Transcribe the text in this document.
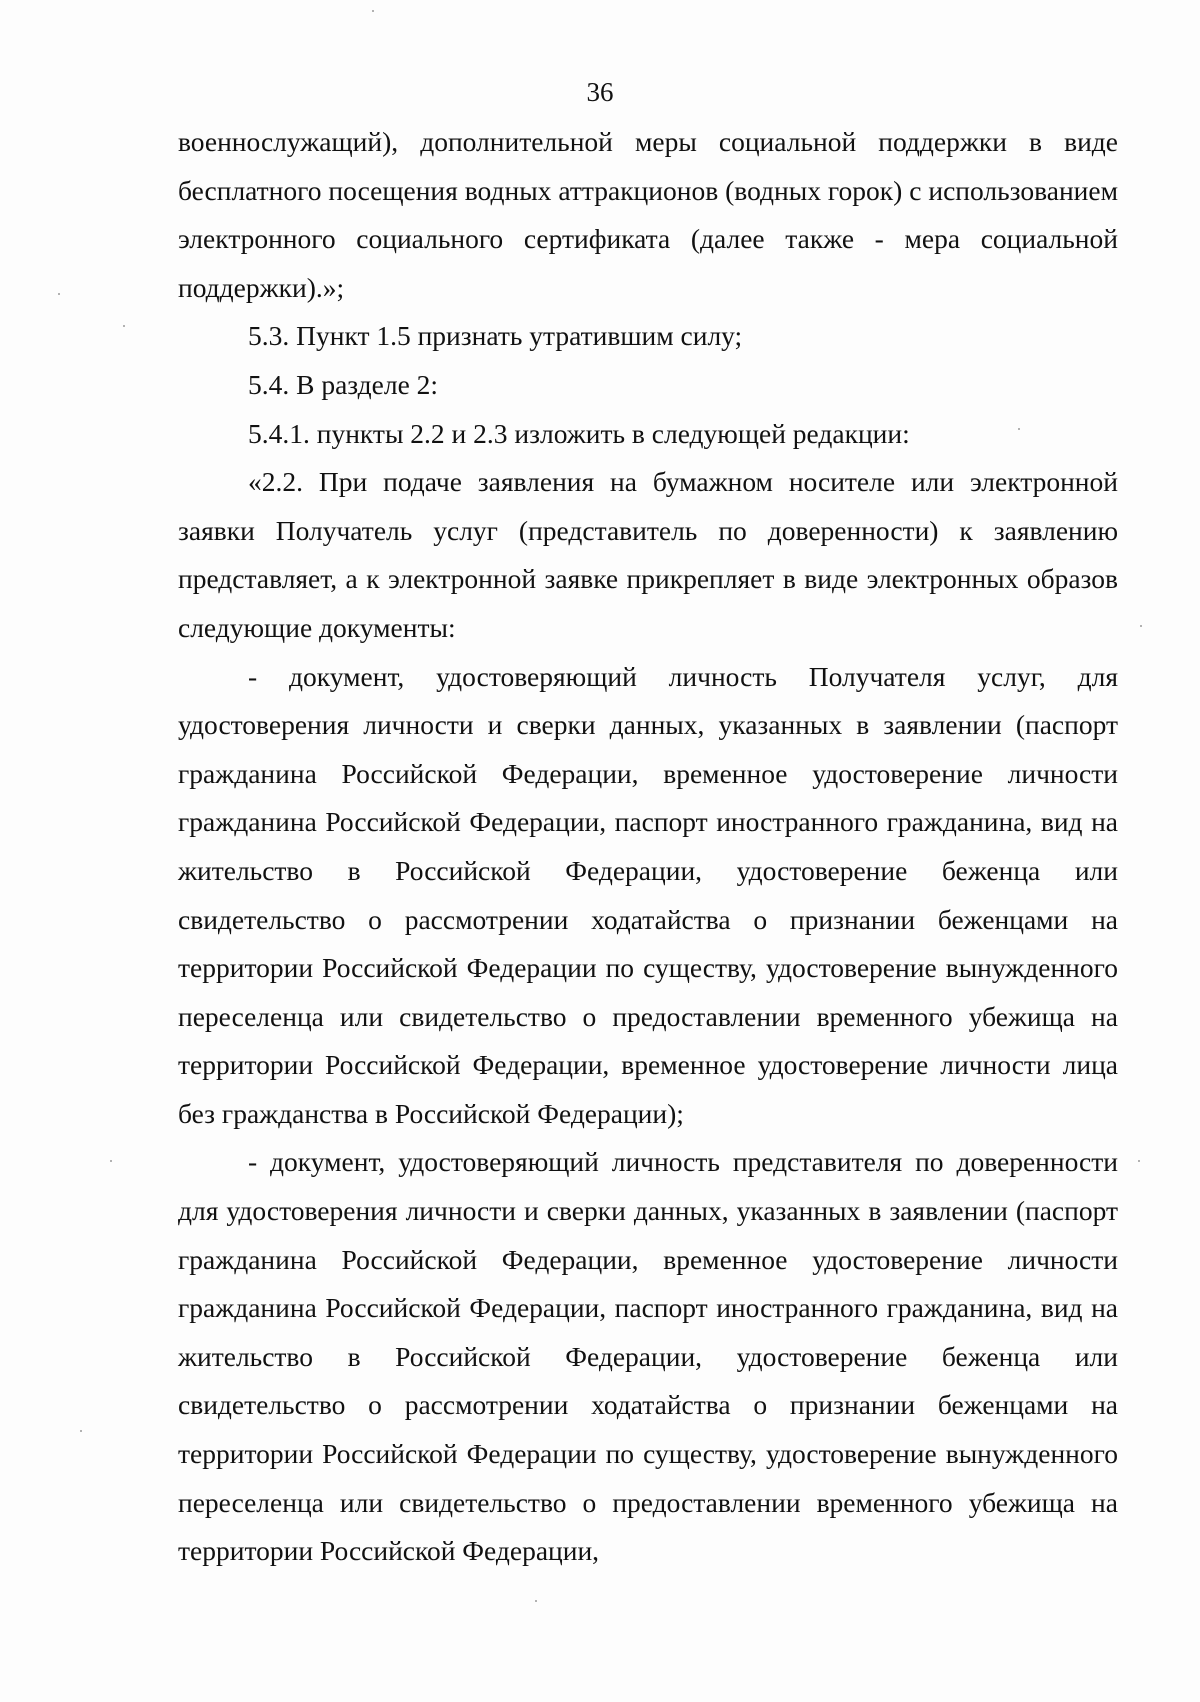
36

военнослужащий), дополнительной меры социальной поддержки в виде бесплатного посещения водных аттракционов (водных горок) с использованием электронного социального сертификата (далее также - мера социальной поддержки).»;

5.3. Пункт 1.5 признать утратившим силу;

5.4. В разделе 2:

5.4.1. пункты 2.2 и 2.3 изложить в следующей редакции:

«2.2. При подаче заявления на бумажном носителе или электронной заявки Получатель услуг (представитель по доверенности) к заявлению представляет, а к электронной заявке прикрепляет в виде электронных образов следующие документы:

- документ, удостоверяющий личность Получателя услуг, для удостоверения личности и сверки данных, указанных в заявлении (паспорт гражданина Российской Федерации, временное удостоверение личности гражданина Российской Федерации, паспорт иностранного гражданина, вид на жительство в Российской Федерации, удостоверение беженца или свидетельство о рассмотрении ходатайства о признании беженцами на территории Российской Федерации по существу, удостоверение вынужденного переселенца или свидетельство о предоставлении временного убежища на территории Российской Федерации, временное удостоверение личности лица без гражданства в Российской Федерации);

- документ, удостоверяющий личность представителя по доверенности для удостоверения личности и сверки данных, указанных в заявлении (паспорт гражданина Российской Федерации, временное удостоверение личности гражданина Российской Федерации, паспорт иностранного гражданина, вид на жительство в Российской Федерации, удостоверение беженца или свидетельство о рассмотрении ходатайства о признании беженцами на территории Российской Федерации по существу, удостоверение вынужденного переселенца или свидетельство о предоставлении временного убежища на территории Российской Федерации,
